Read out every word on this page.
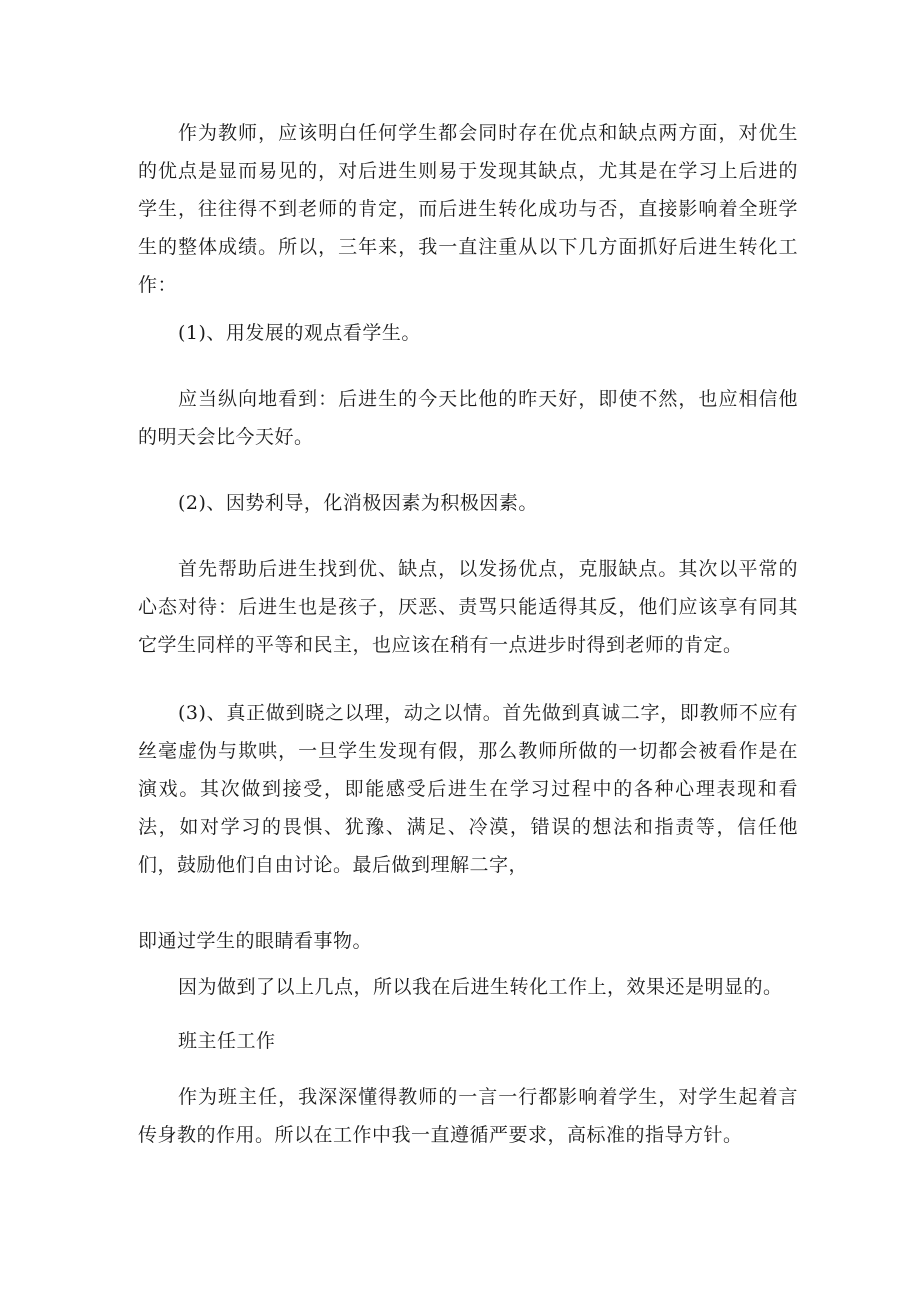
作为教师，应该明白任何学生都会同时存在优点和缺点两方面，对优生的优点是显而易见的，对后进生则易于发现其缺点，尤其是在学习上后进的学生，往往得不到老师的肯定，而后进生转化成功与否，直接影响着全班学生的整体成绩。所以，三年来，我一直注重从以下几方面抓好后进生转化工作：

(1)、用发展的观点看学生。

应当纵向地看到：后进生的今天比他的昨天好，即使不然，也应相信他的明天会比今天好。

(2)、因势利导，化消极因素为积极因素。

首先帮助后进生找到优、缺点，以发扬优点，克服缺点。其次以平常的心态对待：后进生也是孩子，厌恶、责骂只能适得其反，他们应该享有同其它学生同样的平等和民主，也应该在稍有一点进步时得到老师的肯定。

(3)、真正做到晓之以理，动之以情。首先做到真诚二字，即教师不应有丝毫虚伪与欺哄，一旦学生发现有假，那么教师所做的一切都会被看作是在演戏。其次做到接受，即能感受后进生在学习过程中的各种心理表现和看法，如对学习的畏惧、犹豫、满足、冷漠，错误的想法和指责等，信任他们，鼓励他们自由讨论。最后做到理解二字，

即通过学生的眼睛看事物。

因为做到了以上几点，所以我在后进生转化工作上，效果还是明显的。

班主任工作

作为班主任，我深深懂得教师的一言一行都影响着学生，对学生起着言传身教的作用。所以在工作中我一直遵循严要求，高标准的指导方针。
